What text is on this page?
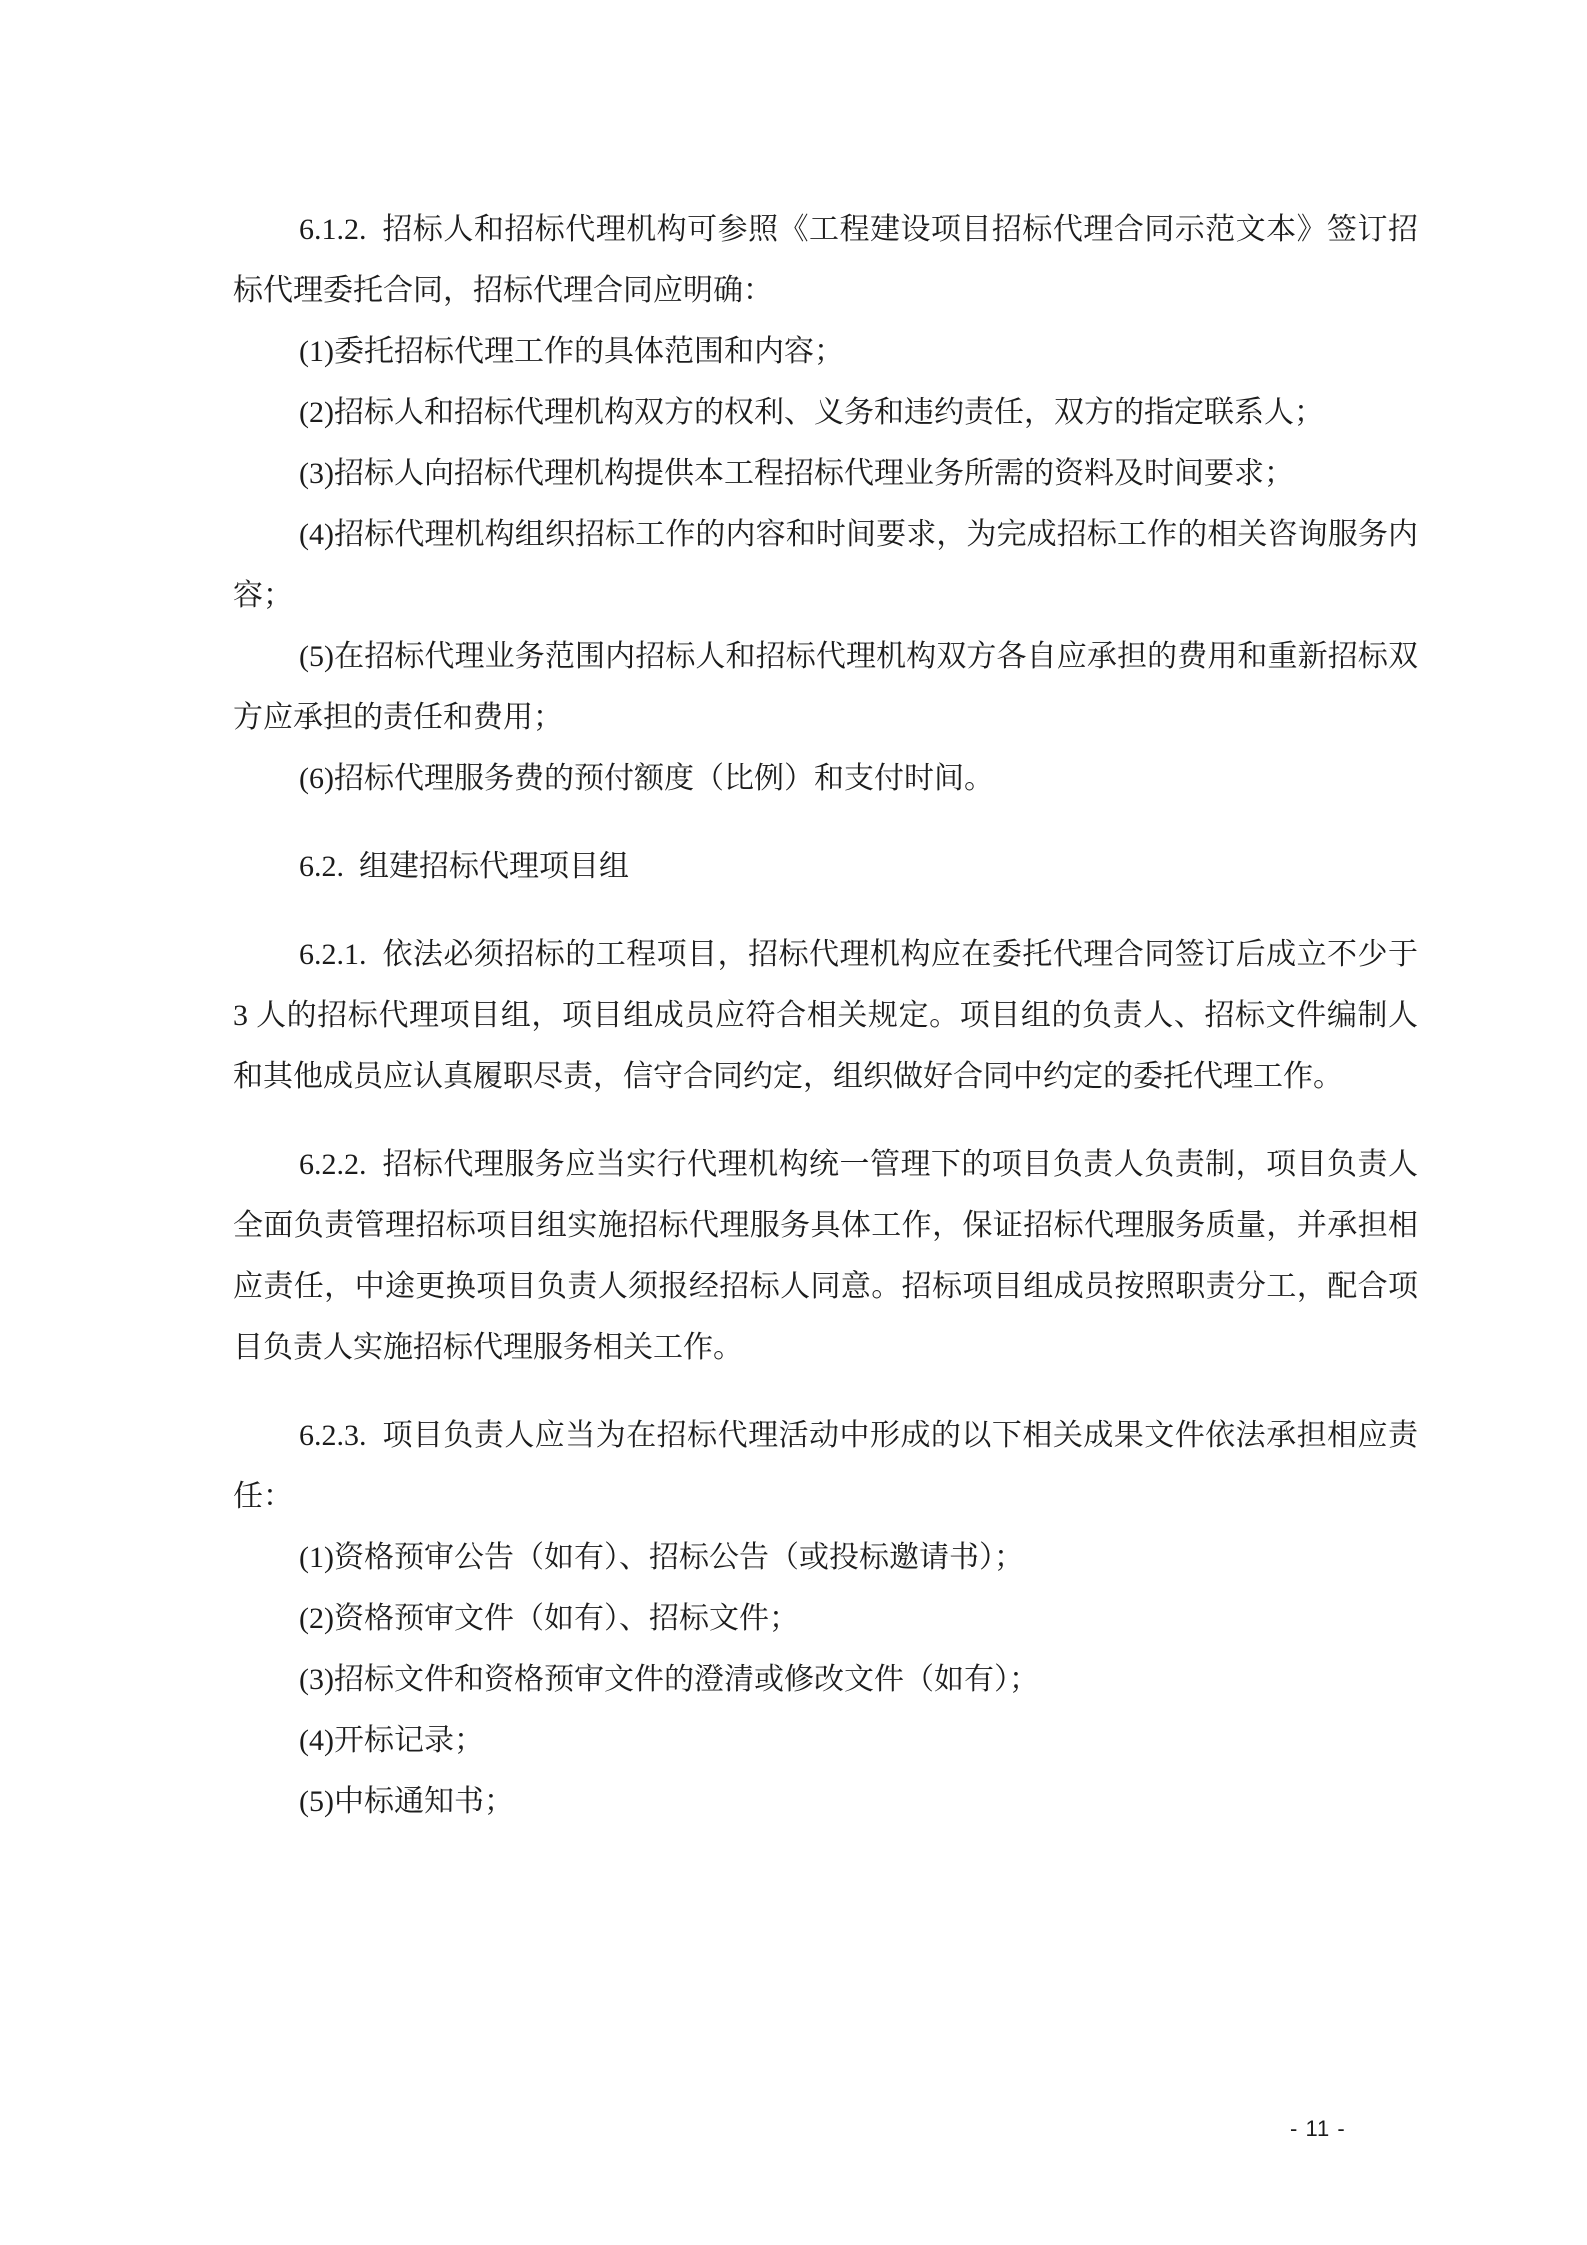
6.1.2.  招标人和招标代理机构可参照《工程建设项目招标代理合同示范文本》签订招标代理委托合同，招标代理合同应明确：

(1)委托招标代理工作的具体范围和内容；

(2)招标人和招标代理机构双方的权利、义务和违约责任，双方的指定联系人；

(3)招标人向招标代理机构提供本工程招标代理业务所需的资料及时间要求；

(4)招标代理机构组织招标工作的内容和时间要求，为完成招标工作的相关咨询服务内容；

(5)在招标代理业务范围内招标人和招标代理机构双方各自应承担的费用和重新招标双方应承担的责任和费用；

(6)招标代理服务费的预付额度（比例）和支付时间。

6.2.  组建招标代理项目组

6.2.1.  依法必须招标的工程项目，招标代理机构应在委托代理合同签订后成立不少于 3 人的招标代理项目组，项目组成员应符合相关规定。项目组的负责人、招标文件编制人和其他成员应认真履职尽责，信守合同约定，组织做好合同中约定的委托代理工作。

6.2.2.  招标代理服务应当实行代理机构统一管理下的项目负责人负责制，项目负责人全面负责管理招标项目组实施招标代理服务具体工作，保证招标代理服务质量，并承担相应责任，中途更换项目负责人须报经招标人同意。招标项目组成员按照职责分工，配合项目负责人实施招标代理服务相关工作。

6.2.3.  项目负责人应当为在招标代理活动中形成的以下相关成果文件依法承担相应责任：

(1)资格预审公告（如有）、招标公告（或投标邀请书）；

(2)资格预审文件（如有）、招标文件；

(3)招标文件和资格预审文件的澄清或修改文件（如有）；

(4)开标记录；

(5)中标通知书；

- 11 -
